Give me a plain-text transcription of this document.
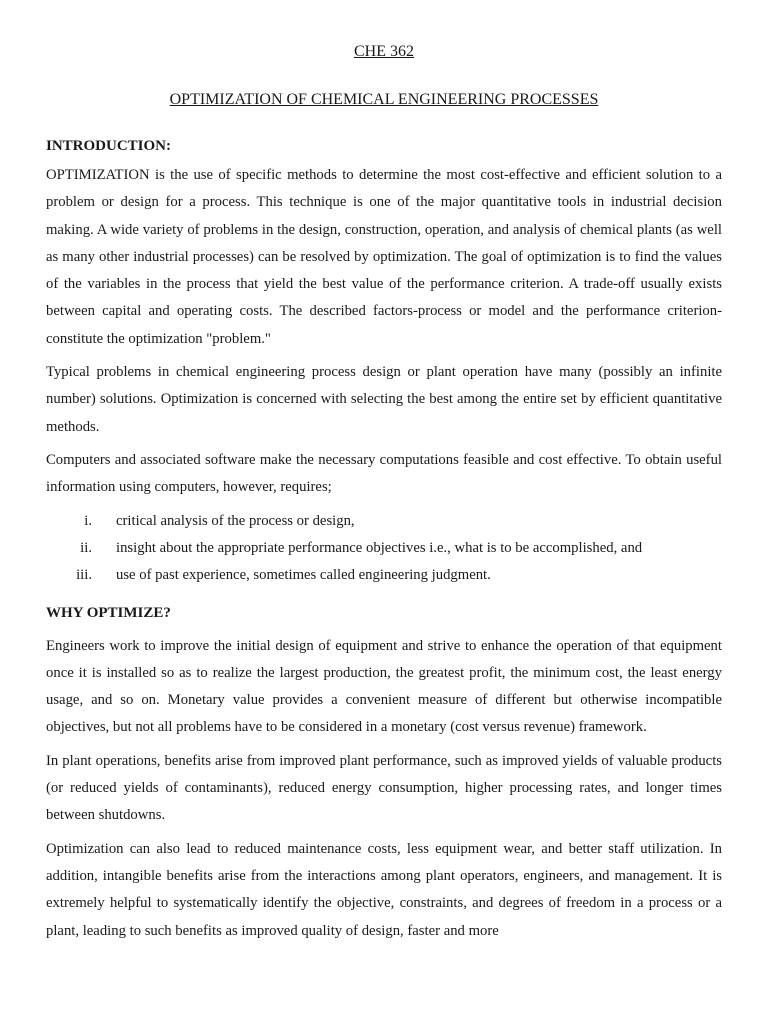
CHE 362
OPTIMIZATION OF CHEMICAL ENGINEERING PROCESSES
INTRODUCTION:

OPTIMIZATION is the use of specific methods to determine the most cost-effective and efficient solution to a problem or design for a process. This technique is one of the major quantitative tools in industrial decision making. A wide variety of problems in the design, construction, operation, and analysis of chemical plants (as well as many other industrial processes) can be resolved by optimization. The goal of optimization is to find the values of the variables in the process that yield the best value of the performance criterion. A trade-off usually exists between capital and operating costs. The described factors-process or model and the performance criterion-constitute the optimization "problem."

Typical problems in chemical engineering process design or plant operation have many (possibly an infinite number) solutions. Optimization is concerned with selecting the best among the entire set by efficient quantitative methods.

Computers and associated software make the necessary computations feasible and cost effective. To obtain useful information using computers, however, requires;

i. critical analysis of the process or design,
ii. insight about the appropriate performance objectives i.e., what is to be accomplished, and
iii. use of past experience, sometimes called engineering judgment.
WHY OPTIMIZE?

Engineers work to improve the initial design of equipment and strive to enhance the operation of that equipment once it is installed so as to realize the largest production, the greatest profit, the minimum cost, the least energy usage, and so on. Monetary value provides a convenient measure of different but otherwise incompatible objectives, but not all problems have to be considered in a monetary (cost versus revenue) framework.

In plant operations, benefits arise from improved plant performance, such as improved yields of valuable products (or reduced yields of contaminants), reduced energy consumption, higher processing rates, and longer times between shutdowns.

Optimization can also lead to reduced maintenance costs, less equipment wear, and better staff utilization. In addition, intangible benefits arise from the interactions among plant operators, engineers, and management. It is extremely helpful to systematically identify the objective, constraints, and degrees of freedom in a process or a plant, leading to such benefits as improved quality of design, faster and more
